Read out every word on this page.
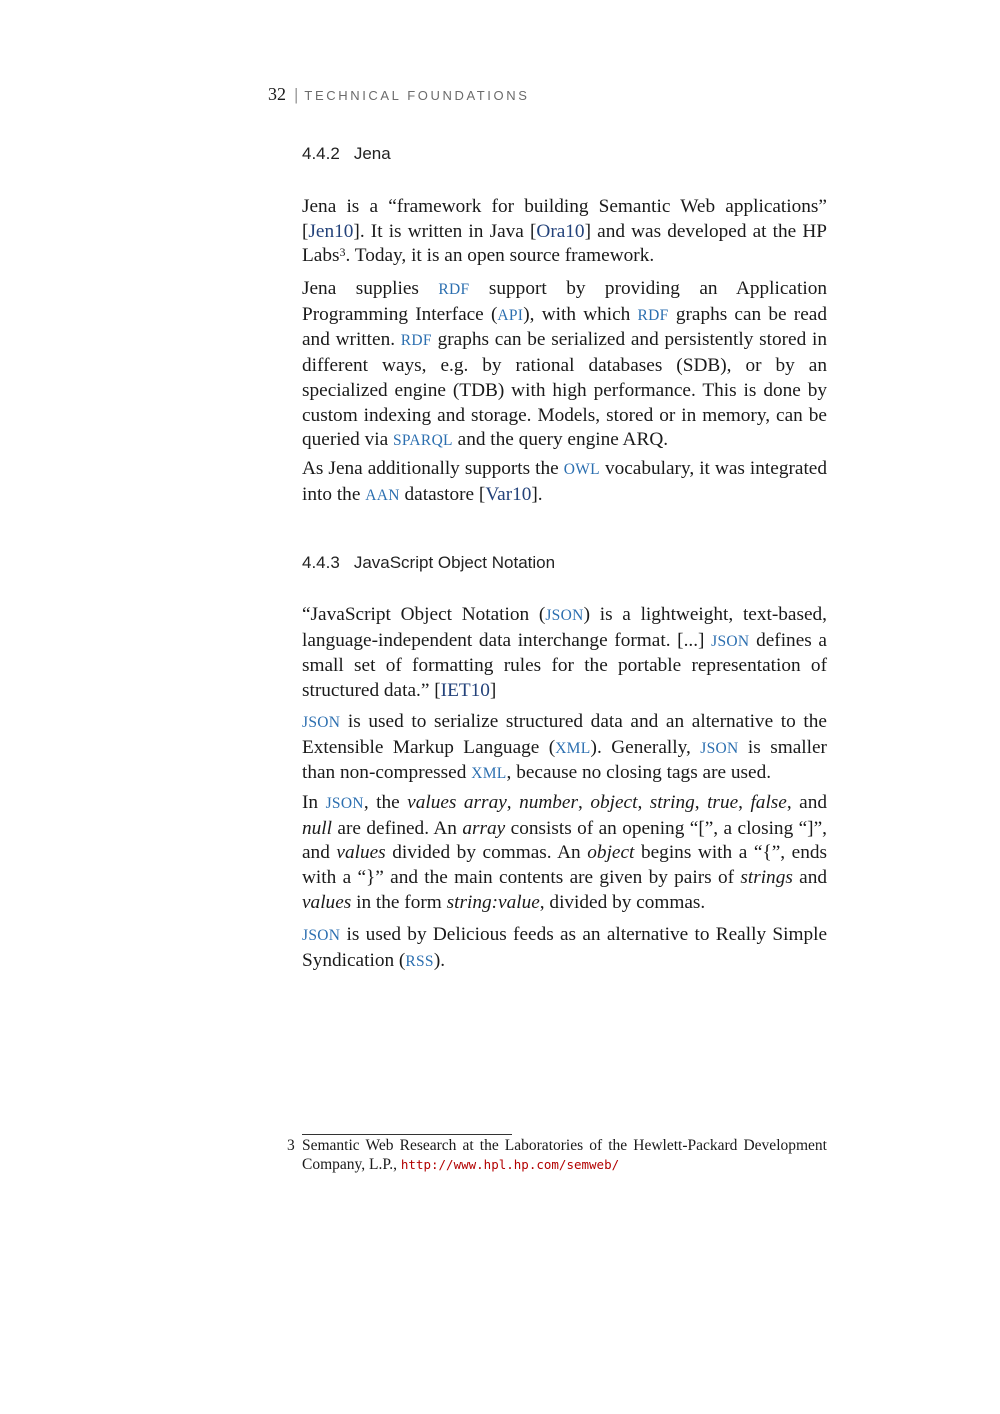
32 | TECHNICAL FOUNDATIONS
4.4.2 Jena

Jena is a “framework for building Semantic Web applications” [Jen10]. It is written in Java [Ora10] and was developed at the HP Labs$^3$. Today, it is an open source framework.

Jena supplies RDF support by providing an Application Programming Interface (API), with which RDF graphs can be read and written. RDF graphs can be serialized and persistently stored in different ways, e.g. by rational databases (SDB), or by an specialized engine (TDB) with high performance. This is done by custom indexing and storage. Models, stored or in memory, can be queried via SPARQL and the query engine ARQ.

As Jena additionally supports the OWL vocabulary, it was integrated into the AAN datastore [Var10].

4.4.3 JavaScript Object Notation

“JavaScript Object Notation (JSON) is a lightweight, text-based, language-independent data interchange format. [...] JSON defines a small set of formatting rules for the portable representation of structured data.” [IET10]

JSON is used to serialize structured data and an alternative to the Extensible Markup Language (XML). Generally, JSON is smaller than non-compressed XML, because no closing tags are used.

In JSON, the values array, number, object, string, true, false, and null are defined. An array consists of an opening “[”, a closing “]”, and values divided by commas. An object begins with a “{”, ends with a “}” and the main contents are given by pairs of strings and values in the form string:value, divided by commas.

JSON is used by Delicious feeds as an alternative to Really Simple Syndication (RSS).

3 Semantic Web Research at the Laboratories of the Hewlett-Packard Development Company, L.P., http://www.hpl.hp.com/semweb/
